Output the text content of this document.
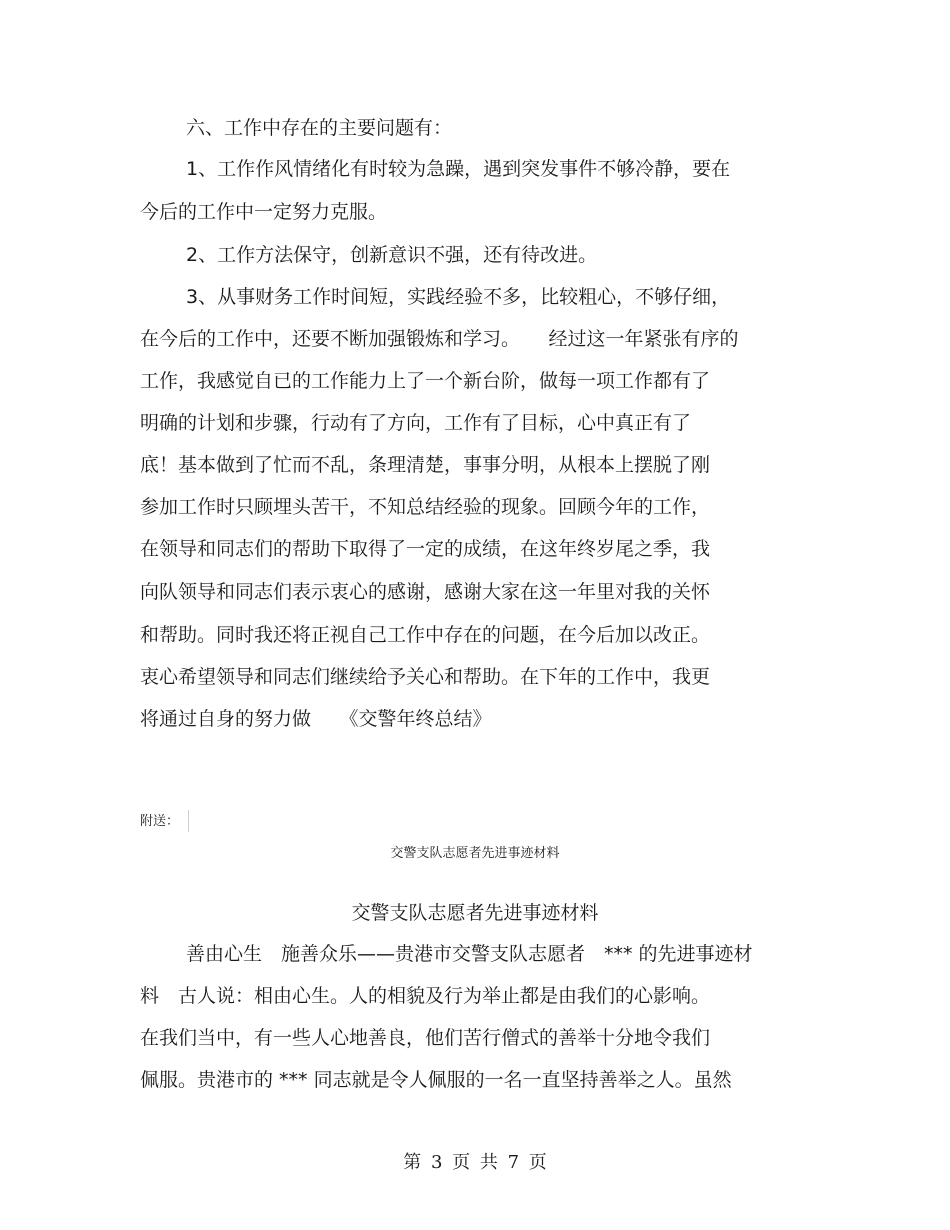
六、工作中存在的主要问题有：

1、工作作风情绪化有时较为急躁，遇到突发事件不够冷静，要在

今后的工作中一定努力克服。

2、工作方法保守，创新意识不强，还有待改进。

3、从事财务工作时间短，实践经验不多，比较粗心，不够仔细，

在今后的工作中，还要不断加强锻炼和学习。　　经过这一年紧张有序的

工作，我感觉自已的工作能力上了一个新台阶，做每一项工作都有了

明确的计划和步骤，行动有了方向，工作有了目标，心中真正有了

底！基本做到了忙而不乱，条理清楚，事事分明，从根本上摆脱了刚

参加工作时只顾埋头苦干，不知总结经验的现象。回顾今年的工作，

在领导和同志们的帮助下取得了一定的成绩，在这年终岁尾之季，我

向队领导和同志们表示衷心的感谢，感谢大家在这一年里对我的关怀

和帮助。同时我还将正视自己工作中存在的问题，在今后加以改正。

衷心希望领导和同志们继续给予关心和帮助。在下年的工作中，我更

将通过自身的努力做　　《交警年终总结》

附送：
交警支队志愿者先进事迹材料
交警支队志愿者先进事迹材料

善由心生　施善众乐——贵港市交警支队志愿者　*** 的先进事迹材

料　古人说：相由心生。人的相貌及行为举止都是由我们的心影响。

在我们当中，有一些人心地善良，他们苦行僧式的善举十分地令我们

佩服。贵港市的 *** 同志就是令人佩服的一名一直坚持善举之人。虽然

第 3 页 共 7 页
